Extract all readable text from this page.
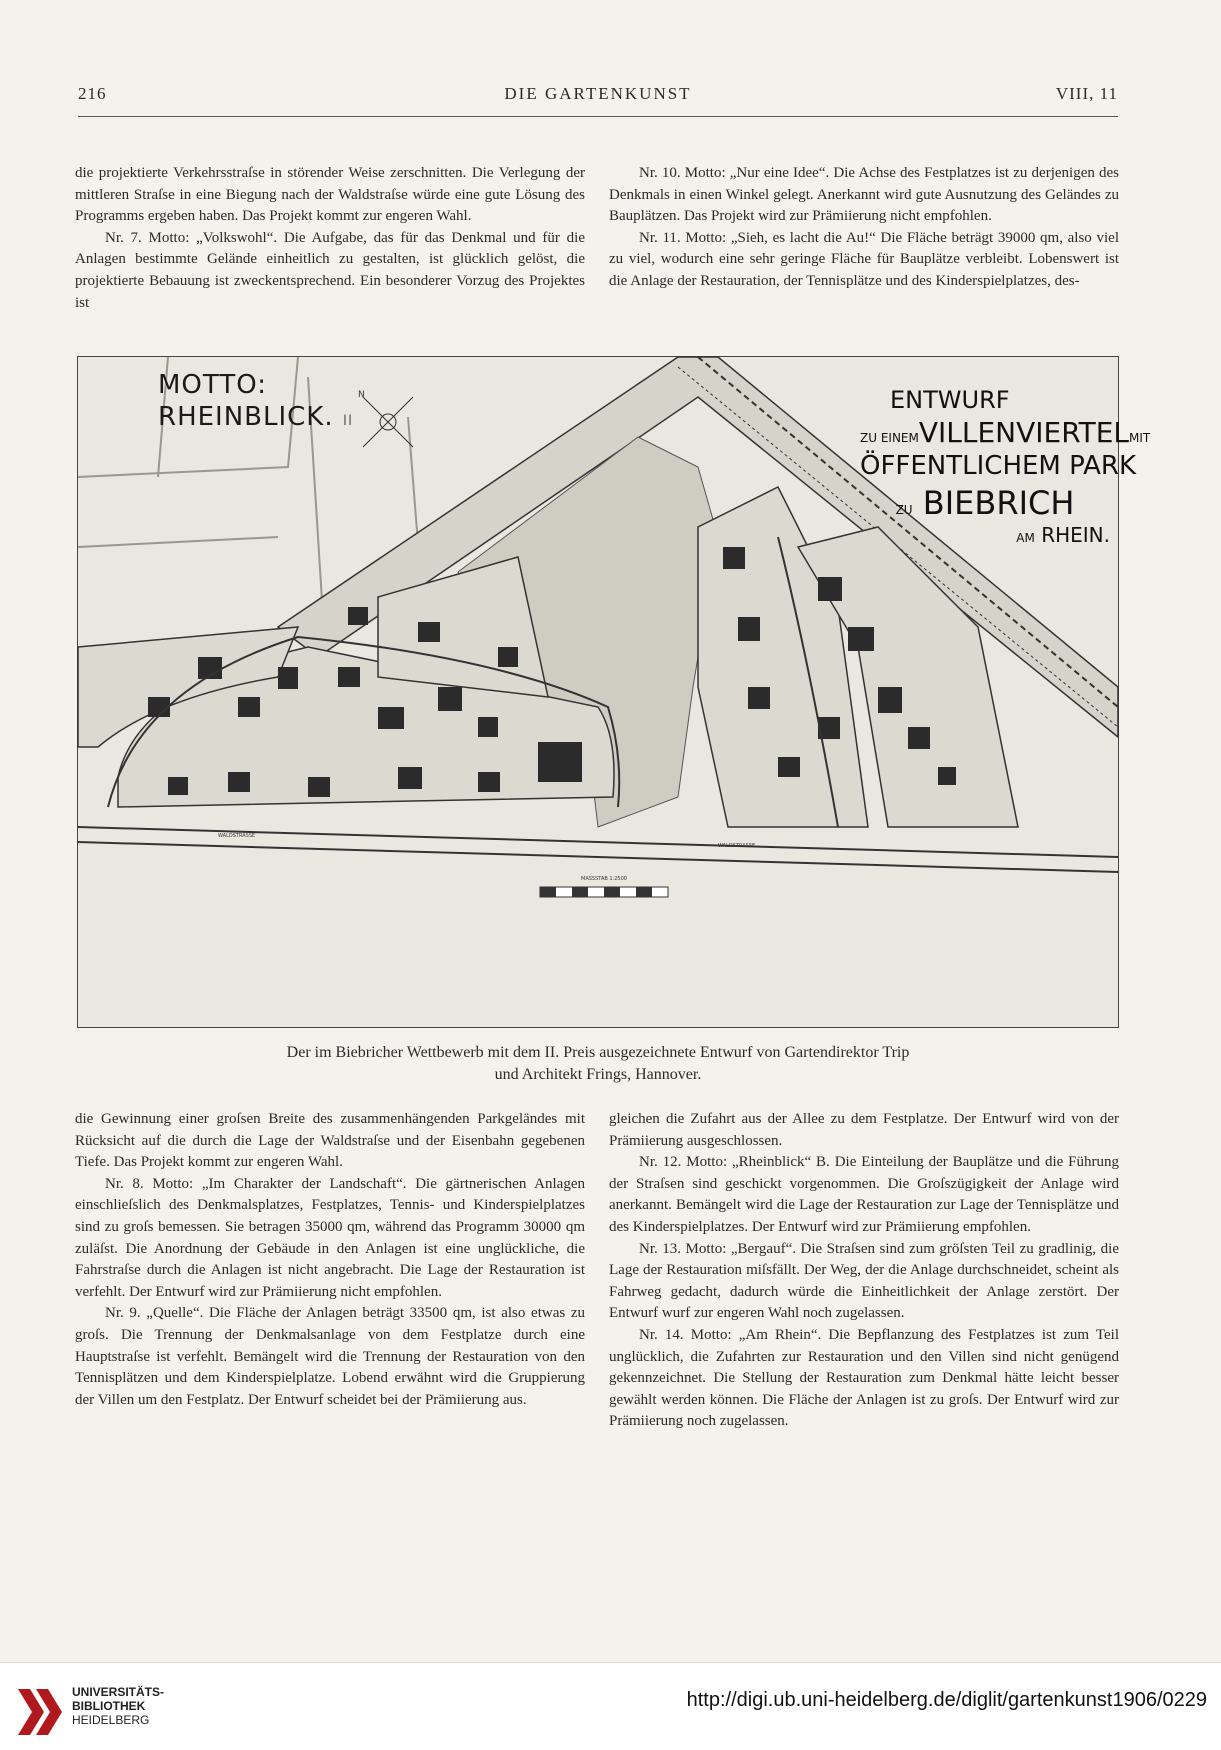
DIE GARTENKUNST
216	VIII, 11

die projektierte Verkehrsstraſse in störender Weise zerschnitten. Die Verlegung der mittleren Straſse in eine Biegung nach der Waldstraſse würde eine gute Lösung des Programms ergeben haben. Das Projekt kommt zur engeren Wahl.

Nr. 7. Motto: „Volkswohl“. Die Aufgabe, das für das Denkmal und für die Anlagen bestimmte Gelände einheitlich zu gestalten, ist glücklich gelöst, die projektierte Bebauung ist zweckentsprechend. Ein besonderer Vorzug des Projektes ist

Nr. 10. Motto: „Nur eine Idee“. Die Achse des Festplatzes ist zu derjenigen des Denkmals in einen Winkel gelegt. Anerkannt wird gute Ausnutzung des Geländes zu Bauplätzen. Das Projekt wird zur Prämiierung nicht empfohlen.

Nr. 11. Motto: „Sieh, es lacht die Au!“ Die Fläche beträgt 39000 qm, also viel zu viel, wodurch eine sehr geringe Fläche für Bauplätze verbleibt. Lobenswert ist die Anlage der Restauration, der Tennisplätze und des Kinderspielplatzes, des-

N
MASSSTAB 1:2500
WALDSTRASSE
WALDSTRASSE
MOTTO:
RHEINBLICK. II
ENTWURF
ZU EINEMVILLENVIERTELMIT
ÖFFENTLICHEM PARK
ZU BIEBRICH
AM RHEIN.
Der im Biebricher Wettbewerb mit dem II. Preis ausgezeichnete Entwurf von Gartendirektor Trip
und Architekt Frings, Hannover.

die Gewinnung einer groſsen Breite des zusammenhängenden Parkgeländes mit Rücksicht auf die durch die Lage der Waldstraſse und der Eisenbahn gegebenen Tiefe. Das Projekt kommt zur engeren Wahl.

Nr. 8. Motto: „Im Charakter der Landschaft“. Die gärtnerischen Anlagen einschlieſslich des Denkmalsplatzes, Festplatzes, Tennis- und Kinderspielplatzes sind zu groſs bemessen. Sie betragen 35000 qm, während das Programm 30000 qm zuläſst. Die Anordnung der Gebäude in den Anlagen ist eine unglückliche, die Fahrstraſse durch die Anlagen ist nicht angebracht. Die Lage der Restauration ist verfehlt. Der Entwurf wird zur Prämiierung nicht empfohlen.

Nr. 9. „Quelle“. Die Fläche der Anlagen beträgt 33500 qm, ist also etwas zu groſs. Die Trennung der Denkmalsanlage von dem Festplatze durch eine Hauptstraſse ist verfehlt. Bemängelt wird die Trennung der Restauration von den Tennisplätzen und dem Kinderspielplatze. Lobend erwähnt wird die Gruppierung der Villen um den Festplatz. Der Entwurf scheidet bei der Prämiierung aus.

gleichen die Zufahrt aus der Allee zu dem Festplatze. Der Entwurf wird von der Prämiierung ausgeschlossen.

Nr. 12. Motto: „Rheinblick“ B. Die Einteilung der Bauplätze und die Führung der Straſsen sind geschickt vorgenommen. Die Groſszügigkeit der Anlage wird anerkannt. Bemängelt wird die Lage der Restauration zur Lage der Tennisplätze und des Kinderspielplatzes. Der Entwurf wird zur Prämiierung empfohlen.

Nr. 13. Motto: „Bergauf“. Die Straſsen sind zum gröſsten Teil zu gradlinig, die Lage der Restauration miſsfällt. Der Weg, der die Anlage durchschneidet, scheint als Fahrweg gedacht, dadurch würde die Einheitlichkeit der Anlage zerstört. Der Entwurf wurf zur engeren Wahl noch zugelassen.

Nr. 14. Motto: „Am Rhein“. Die Bepflanzung des Festplatzes ist zum Teil unglücklich, die Zufahrten zur Restauration und den Villen sind nicht genügend gekennzeichnet. Die Stellung der Restauration zum Denkmal hätte leicht besser gewählt werden können. Die Fläche der Anlagen ist zu groſs. Der Entwurf wird zur Prämiierung noch zugelassen.

UNIVERSITÄTS-
BIBLIOTHEK
HEIDELBERG
http://digi.ub.uni-heidelberg.de/diglit/gartenkunst1906/0229
